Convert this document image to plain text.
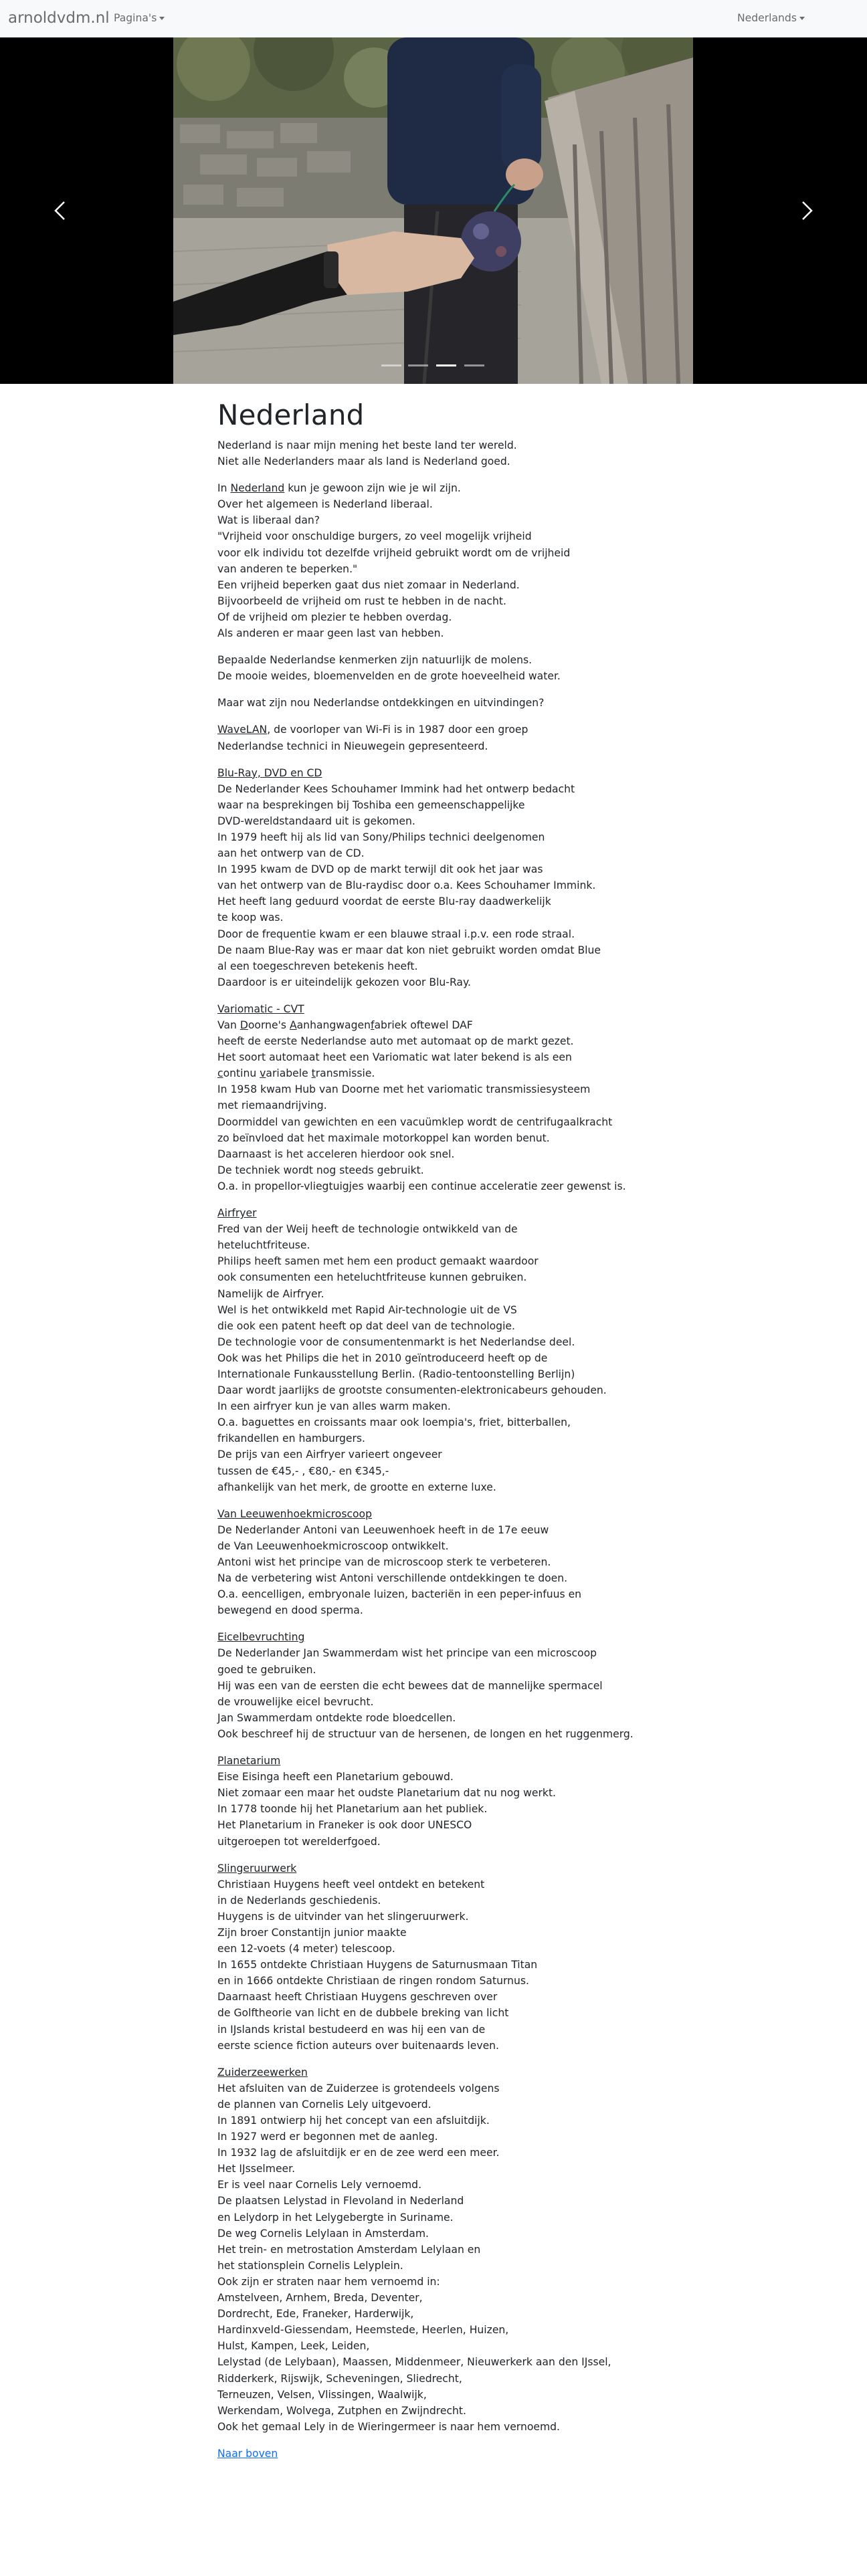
arnoldvdm.nl Pagina's	Nederlands
Nederland

Nederland is naar mijn mening het beste land ter wereld.
Niet alle Nederlanders maar als land is Nederland goed.

In Nederland kun je gewoon zijn wie je wil zijn.
Over het algemeen is Nederland liberaal.
Wat is liberaal dan?
"Vrijheid voor onschuldige burgers, zo veel mogelijk vrijheid
voor elk individu tot dezelfde vrijheid gebruikt wordt om de vrijheid
van anderen te beperken."
Een vrijheid beperken gaat dus niet zomaar in Nederland.
Bijvoorbeeld de vrijheid om rust te hebben in de nacht.
Of de vrijheid om plezier te hebben overdag.
Als anderen er maar geen last van hebben.

Bepaalde Nederlandse kenmerken zijn natuurlijk de molens.
De mooie weides, bloemenvelden en de grote hoeveelheid water.

Maar wat zijn nou Nederlandse ontdekkingen en uitvindingen?

WaveLAN, de voorloper van Wi-Fi is in 1987 door een groep
Nederlandse technici in Nieuwegein gepresenteerd.

Blu-Ray, DVD en CD
De Nederlander Kees Schouhamer Immink had het ontwerp bedacht
waar na besprekingen bij Toshiba een gemeenschappelijke
DVD-wereldstandaard uit is gekomen.
In 1979 heeft hij als lid van Sony/Philips technici deelgenomen
aan het ontwerp van de CD.
In 1995 kwam de DVD op de markt terwijl dit ook het jaar was
van het ontwerp van de Blu-raydisc door o.a. Kees Schouhamer Immink.
Het heeft lang geduurd voordat de eerste Blu-ray daadwerkelijk
te koop was.
Door de frequentie kwam er een blauwe straal i.p.v. een rode straal.
De naam Blue-Ray was er maar dat kon niet gebruikt worden omdat Blue
al een toegeschreven betekenis heeft.
Daardoor is er uiteindelijk gekozen voor Blu-Ray.

Variomatic - CVT
Van Doorne's Aanhangwagenfabriek oftewel DAF
heeft de eerste Nederlandse auto met automaat op de markt gezet.
Het soort automaat heet een Variomatic wat later bekend is als een
continu variabele transmissie.
In 1958 kwam Hub van Doorne met het variomatic transmissiesysteem
met riemaandrijving.
Doormiddel van gewichten en een vacuümklep wordt de centrifugaalkracht
zo beïnvloed dat het maximale motorkoppel kan worden benut.
Daarnaast is het acceleren hierdoor ook snel.
De techniek wordt nog steeds gebruikt.
O.a. in propellor-vliegtuigjes waarbij een continue acceleratie zeer gewenst is.

Airfryer
Fred van der Weij heeft de technologie ontwikkeld van de
heteluchtfriteuse.
Philips heeft samen met hem een product gemaakt waardoor
ook consumenten een heteluchtfriteuse kunnen gebruiken.
Namelijk de Airfryer.
Wel is het ontwikkeld met Rapid Air-technologie uit de VS
die ook een patent heeft op dat deel van de technologie.
De technologie voor de consumentenmarkt is het Nederlandse deel.
Ook was het Philips die het in 2010 geïntroduceerd heeft op de
Internationale Funkausstellung Berlin. (Radio-tentoonstelling Berlijn)
Daar wordt jaarlijks de grootste consumenten-elektronicabeurs gehouden.
In een airfryer kun je van alles warm maken.
O.a. baguettes en croissants maar ook loempia's, friet, bitterballen,
frikandellen en hamburgers.
De prijs van een Airfryer varieert ongeveer
tussen de €45,- , €80,- en €345,-
afhankelijk van het merk, de grootte en externe luxe.

Van Leeuwenhoekmicroscoop
De Nederlander Antoni van Leeuwenhoek heeft in de 17e eeuw
de Van Leeuwenhoekmicroscoop ontwikkelt.
Antoni wist het principe van de microscoop sterk te verbeteren.
Na de verbetering wist Antoni verschillende ontdekkingen te doen.
O.a. eencelligen, embryonale luizen, bacteriën in een peper-infuus en
bewegend en dood sperma.

Eicelbevruchting
De Nederlander Jan Swammerdam wist het principe van een microscoop
goed te gebruiken.
Hij was een van de eersten die echt bewees dat de mannelijke spermacel
de vrouwelijke eicel bevrucht.
Jan Swammerdam ontdekte rode bloedcellen.
Ook beschreef hij de structuur van de hersenen, de longen en het ruggenmerg.

Planetarium
Eise Eisinga heeft een Planetarium gebouwd.
Niet zomaar een maar het oudste Planetarium dat nu nog werkt.
In 1778 toonde hij het Planetarium aan het publiek.
Het Planetarium in Franeker is ook door UNESCO
uitgeroepen tot werelderfgoed.

Slingeruurwerk
Christiaan Huygens heeft veel ontdekt en betekent
in de Nederlands geschiedenis.
Huygens is de uitvinder van het slingeruurwerk.
Zijn broer Constantijn junior maakte
een 12-voets (4 meter) telescoop.
In 1655 ontdekte Christiaan Huygens de Saturnusmaan Titan
en in 1666 ontdekte Christiaan de ringen rondom Saturnus.
Daarnaast heeft Christiaan Huygens geschreven over
de Golftheorie van licht en de dubbele breking van licht
in IJslands kristal bestudeerd en was hij een van de
eerste science fiction auteurs over buitenaards leven.

Zuiderzeewerken
Het afsluiten van de Zuiderzee is grotendeels volgens
de plannen van Cornelis Lely uitgevoerd.
In 1891 ontwierp hij het concept van een afsluitdijk.
In 1927 werd er begonnen met de aanleg.
In 1932 lag de afsluitdijk er en de zee werd een meer.
Het IJsselmeer.
Er is veel naar Cornelis Lely vernoemd.
De plaatsen Lelystad in Flevoland in Nederland
en Lelydorp in het Lelygebergte in Suriname.
De weg Cornelis Lelylaan in Amsterdam.
Het trein- en metrostation Amsterdam Lelylaan en
het stationsplein Cornelis Lelyplein.
Ook zijn er straten naar hem vernoemd in:
Amstelveen, Arnhem, Breda, Deventer,
Dordrecht, Ede, Franeker, Harderwijk,
Hardinxveld-Giessendam, Heemstede, Heerlen, Huizen,
Hulst, Kampen, Leek, Leiden,
Lelystad (de Lelybaan), Maassen, Middenmeer, Nieuwerkerk aan den IJssel,
Ridderkerk, Rijswijk, Scheveningen, Sliedrecht,
Terneuzen, Velsen, Vlissingen, Waalwijk,
Werkendam, Wolvega, Zutphen en Zwijndrecht.
Ook het gemaal Lely in de Wieringermeer is naar hem vernoemd.

Naar boven
